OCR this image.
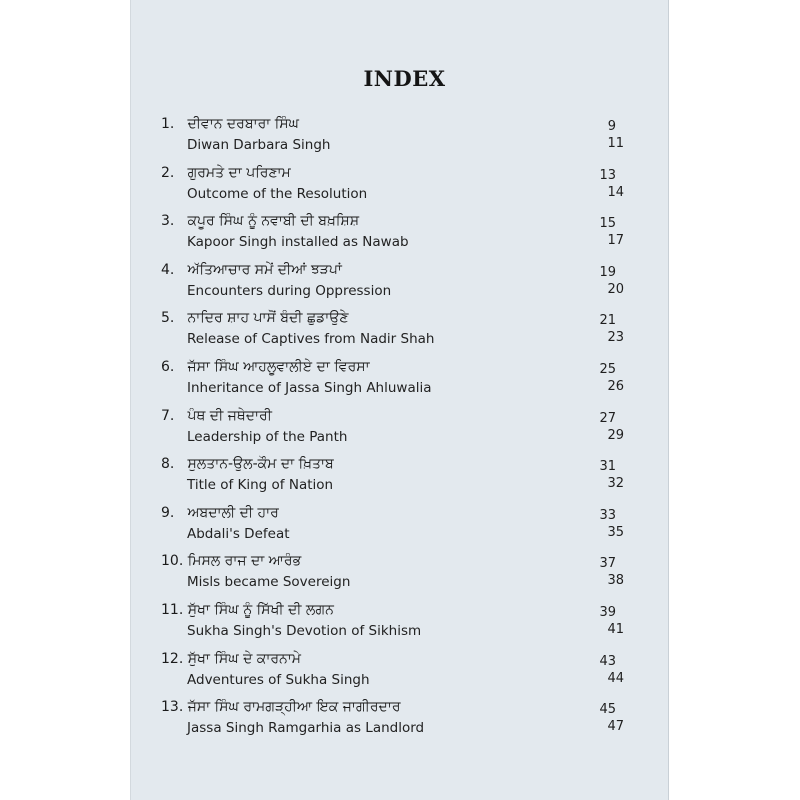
INDEX
1. ਦੀਵਾਨ ਦਰਬਾਰਾ ਸਿੰਘ
Diwan Darbara Singh
9
11
2. ਗੁਰਮਤੇ ਦਾ ਪਰਿਣਾਮ
Outcome of the Resolution
13
14
3. ਕਪੂਰ ਸਿੰਘ ਨੂੰ ਨਵਾਬੀ ਦੀ ਬਖ਼ਸ਼ਿਸ਼
Kapoor Singh installed as Nawab
15
17
4. ਅੱਤਿਆਚਾਰ ਸਮੇਂ ਦੀਆਂ ਝੜਪਾਂ
Encounters during Oppression
19
20
5. ਨਾਦਿਰ ਸ਼ਾਹ ਪਾਸੋਂ ਬੰਦੀ ਛੁਡਾਉਣੇ
Release of Captives from Nadir Shah
21
23
6. ਜੱਸਾ ਸਿੰਘ ਆਹਲੂਵਾਲੀਏ ਦਾ ਵਿਰਸਾ
Inheritance of Jassa Singh Ahluwalia
25
26
7. ਪੰਥ ਦੀ ਜਥੇਦਾਰੀ
Leadership of the Panth
27
29
8. ਸੁਲਤਾਨ-ਉਲ-ਕੌਮ ਦਾ ਖ਼ਿਤਾਬ
Title of King of Nation
31
32
9. ਅਬਦਾਲੀ ਦੀ ਹਾਰ
Abdali's Defeat
33
35
10. ਮਿਸਲ ਰਾਜ ਦਾ ਆਰੰਭ
Misls became Sovereign
37
38
11. ਸੁੱਖਾ ਸਿੰਘ ਨੂੰ ਸਿੱਖੀ ਦੀ ਲਗਨ
Sukha Singh's Devotion of Sikhism
39
41
12. ਸੁੱਖਾ ਸਿੰਘ ਦੇ ਕਾਰਨਾਮੇ
Adventures of Sukha Singh
43
44
13. ਜੱਸਾ ਸਿੰਘ ਰਾਮਗੜ੍ਹੀਆ ਇਕ ਜਾਗੀਰਦਾਰ
Jassa Singh Ramgarhia as Landlord
45
47
